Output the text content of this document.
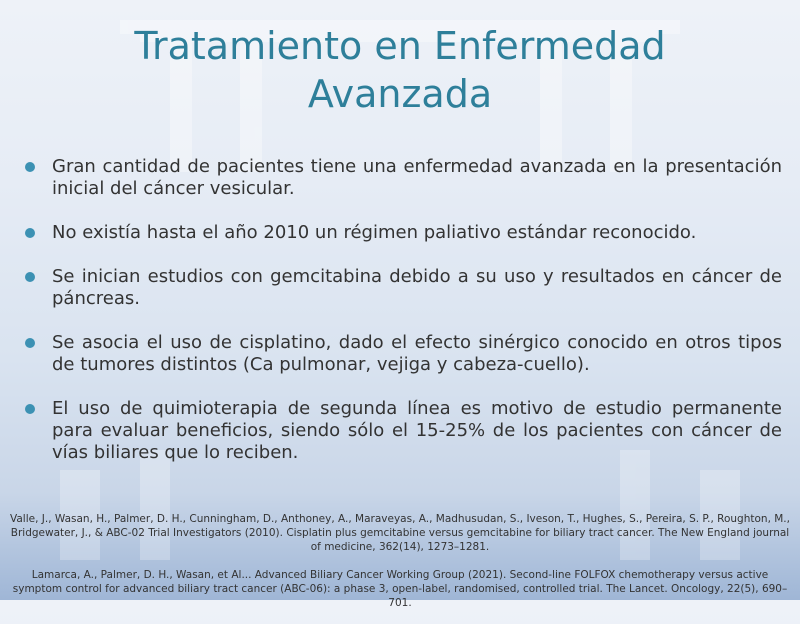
Tratamiento en Enfermedad
Avanzada
Gran cantidad de pacientes tiene una enfermedad avanzada en la presentación inicial del cáncer vesicular.
No existía hasta el año 2010 un régimen paliativo estándar reconocido.
Se inician estudios con gemcitabina debido a su uso y resultados en cáncer de páncreas.
Se asocia el uso de cisplatino, dado el efecto sinérgico conocido en otros tipos de tumores distintos (Ca pulmonar, vejiga y cabeza-cuello).
El uso de quimioterapia de segunda línea es motivo de estudio permanente para evaluar beneficios, siendo sólo el 15-25% de los pacientes con cáncer de vías biliares que lo reciben.

Valle, J., Wasan, H., Palmer, D. H., Cunningham, D., Anthoney, A., Maraveyas, A., Madhusudan, S., Iveson, T., Hughes, S., Pereira, S. P., Roughton, M., Bridgewater, J., & ABC-02 Trial Investigators (2010). Cisplatin plus gemcitabine versus gemcitabine for biliary tract cancer. The New England journal of medicine, 362(14), 1273–1281.

Lamarca, A., Palmer, D. H., Wasan, et Al... Advanced Biliary Cancer Working Group (2021). Second-line FOLFOX chemotherapy versus active symptom control for advanced biliary tract cancer (ABC-06): a phase 3, open-label, randomised, controlled trial. The Lancet. Oncology, 22(5), 690–701.
